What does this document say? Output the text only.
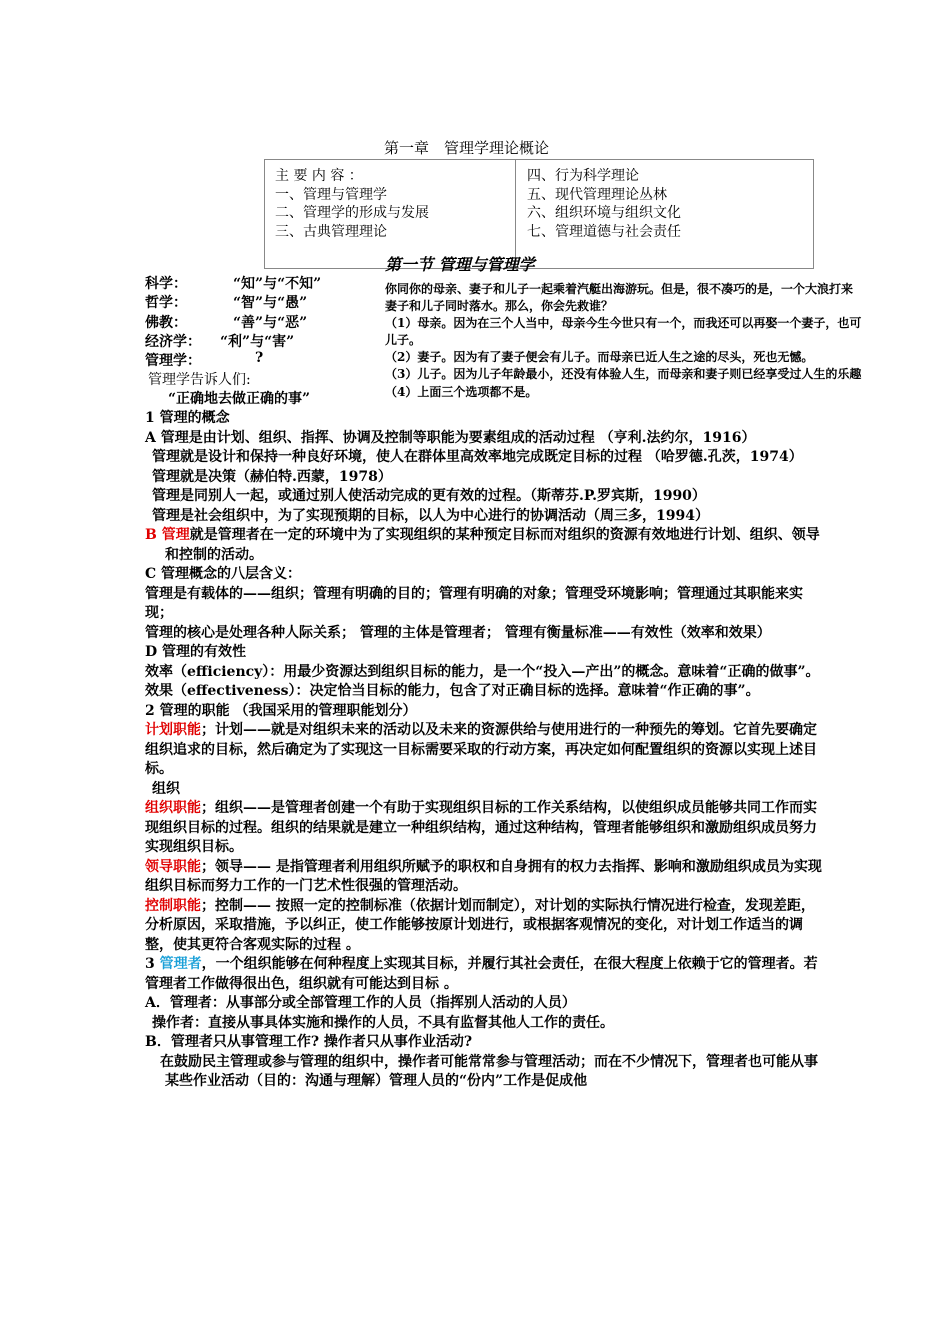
第一章　管理学理论概论
主 要 内 容 ：
一、管理与管理学
二、管理学的形成与发展
三、古典管理理论
四、行为科学理论
五、现代管理理论丛林
六、组织环境与组织文化
七、管理道德与社会责任
第一节 管理与管理学
科学：	“知”与“不知”
哲学：	“智”与“愚”
佛教：	“善”与“恶”
经济学： “利”与“害”
管理学：	?
管理学告诉人们:
“正确地去做正确的事”
你同你的母亲、妻子和儿子一起乘着汽艇出海游玩。但是，很不凑巧的是，一个大浪打来
妻子和儿子同时落水。那么，你会先救谁？
（1）母亲。因为在三个人当中，母亲今生今世只有一个，而我还可以再娶一个妻子，也可
儿子。
（2）妻子。因为有了妻子便会有儿子。而母亲已近人生之途的尽头，死也无憾。
（3）儿子。因为儿子年龄最小，还没有体验人生，而母亲和妻子则已经享受过人生的乐趣
（4）上面三个选项都不是。

1 管理的概念

A 管理是由计划、组织、指挥、协调及控制等职能为要素组成的活动过程 （亨利.法约尔，1916）

管理就是设计和保持一种良好环境，使人在群体里高效率地完成既定目标的过程 （哈罗德.孔茨，1974）

管理就是决策（赫伯特.西蒙，1978）

管理是同别人一起，或通过别人使活动完成的更有效的过程。（斯蒂芬.P.罗宾斯，1990）

管理是社会组织中，为了实现预期的目标，以人为中心进行的协调活动（周三多，1994）

B 管理就是管理者在一定的环境中为了实现组织的某种预定目标而对组织的资源有效地进行计划、组织、领导

和控制的活动。

C 管理概念的八层含义：

管理是有载体的——组织；管理有明确的目的；管理有明确的对象；管理受环境影响；管理通过其职能来实现；

管理的核心是处理各种人际关系； 管理的主体是管理者； 管理有衡量标准——有效性（效率和效果）

D 管理的有效性

效率（efficiency）：用最少资源达到组织目标的能力，是一个“投入—产出”的概念。意味着“正确的做事”。

效果（effectiveness）：决定恰当目标的能力，包含了对正确目标的选择。意味着“作正确的事”。

2 管理的职能 （我国采用的管理职能划分）

计划职能；计划——就是对组织未来的活动以及未来的资源供给与使用进行的一种预先的筹划。它首先要确定组织追求的目标，然后确定为了实现这一目标需要采取的行动方案，再决定如何配置组织的资源以实现上述目标。

组织

组织职能；组织——是管理者创建一个有助于实现组织目标的工作关系结构，以使组织成员能够共同工作而实现组织目标的过程。组织的结果就是建立一种组织结构，通过这种结构，管理者能够组织和激励组织成员努力实现组织目标。

领导职能；领导—— 是指管理者利用组织所赋予的职权和自身拥有的权力去指挥、影响和激励组织成员为实现组织目标而努力工作的一门艺术性很强的管理活动。

控制职能；控制—— 按照一定的控制标准（依据计划而制定），对计划的实际执行情况进行检查，发现差距，分析原因，采取措施，予以纠正，使工作能够按原计划进行，或根据客观情况的变化，对计划工作适当的调整，使其更符合客观实际的过程 。

3 管理者，一个组织能够在何种程度上实现其目标，并履行其社会责任，在很大程度上依赖于它的管理者。若管理者工作做得很出色，组织就有可能达到目标 。

A．管理者：从事部分或全部管理工作的人员（指挥别人活动的人员）

操作者：直接从事具体实施和操作的人员，不具有监督其他人工作的责任。

B．管理者只从事管理工作? 操作者只从事作业活动?

在鼓励民主管理或参与管理的组织中，操作者可能常常参与管理活动；而在不少情况下，管理者也可能从事某些作业活动（目的：沟通与理解）管理人员的“份内”工作是促成他
